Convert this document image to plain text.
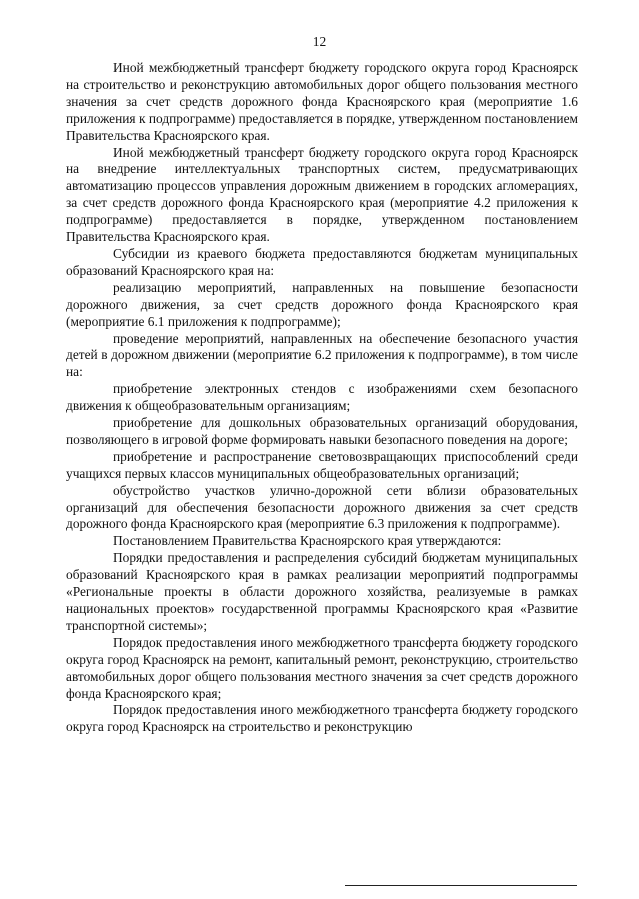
12

Иной межбюджетный трансферт бюджету городского округа город Красноярск на строительство и реконструкцию автомобильных дорог общего пользования местного значения за счет средств дорожного фонда Красноярского края (мероприятие 1.6 приложения к подпрограмме) предоставляется в порядке, утвержденном постановлением Правительства Красноярского края.

Иной межбюджетный трансферт бюджету городского округа город Красноярск на внедрение интеллектуальных транспортных систем, предусматривающих автоматизацию процессов управления дорожным движением в городских агломерациях, за счет средств дорожного фонда Красноярского края (мероприятие 4.2 приложения к подпрограмме) предоставляется в порядке, утвержденном постановлением Правительства Красноярского края.

Субсидии из краевого бюджета предоставляются бюджетам муниципальных образований Красноярского края на:

реализацию мероприятий, направленных на повышение безопасности дорожного движения, за счет средств дорожного фонда Красноярского края (мероприятие 6.1 приложения к подпрограмме);

проведение мероприятий, направленных на обеспечение безопасного участия детей в дорожном движении (мероприятие 6.2 приложения к подпрограмме), в том числе на:

приобретение электронных стендов с изображениями схем безопасного движения к общеобразовательным организациям;

приобретение для дошкольных образовательных организаций оборудования, позволяющего в игровой форме формировать навыки безопасного поведения на дороге;

приобретение и распространение световозвращающих приспособлений среди учащихся первых классов муниципальных общеобразовательных организаций;

обустройство участков улично-дорожной сети вблизи образовательных организаций для обеспечения безопасности дорожного движения за счет средств дорожного фонда Красноярского края (мероприятие 6.3 приложения к подпрограмме).

Постановлением Правительства Красноярского края утверждаются:

Порядки предоставления и распределения субсидий бюджетам муниципальных образований Красноярского края в рамках реализации мероприятий подпрограммы «Региональные проекты в области дорожного хозяйства, реализуемые в рамках национальных проектов» государственной программы Красноярского края «Развитие транспортной системы»;

Порядок предоставления иного межбюджетного трансферта бюджету городского округа город Красноярск на ремонт, капитальный ремонт, реконструкцию, строительство автомобильных дорог общего пользования местного значения за счет средств дорожного фонда Красноярского края;

Порядок предоставления иного межбюджетного трансферта бюджету городского округа город Красноярск на строительство и реконструкцию
